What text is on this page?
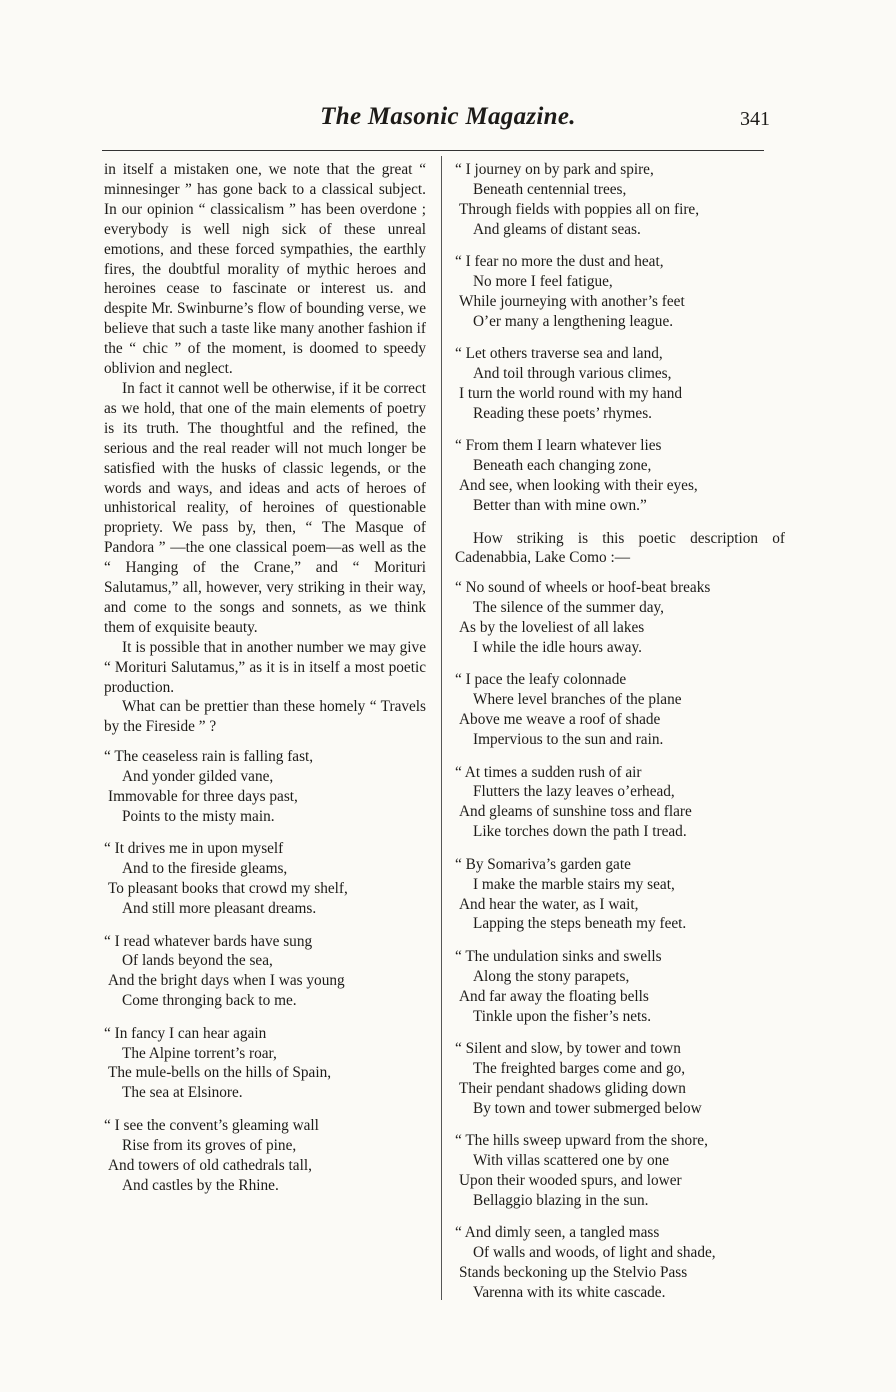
The Masonic Magazine.	341

in itself a mistaken one, we note that the great “ minnesinger ” has gone back to a classical subject. In our opinion “ classicalism ” has been overdone ; everybody is well nigh sick of these unreal emotions, and these forced sympathies, the earthly fires, the doubtful morality of mythic heroes and heroines cease to fascinate or interest us. and despite Mr. Swinburne’s flow of bounding verse, we believe that such a taste like many another fashion if the “ chic ” of the moment, is doomed to speedy oblivion and neglect.

In fact it cannot well be otherwise, if it be correct as we hold, that one of the main elements of poetry is its truth. The thoughtful and the refined, the serious and the real reader will not much longer be satisfied with the husks of classic legends, or the words and ways, and ideas and acts of heroes of unhistorical reality, of heroines of questionable propriety. We pass by, then, “ The Masque of Pandora ” —the one classical poem—as well as the “ Hanging of the Crane,” and “ Morituri Salutamus,” all, however, very striking in their way, and come to the songs and sonnets, as we think them of exquisite beauty.

It is possible that in another number we may give “ Morituri Salutamus,” as it is in itself a most poetic production.

What can be prettier than these homely “ Travels by the Fireside ” ?

“ The ceaseless rain is falling fast,
And yonder gilded vane,
Immovable for three days past,
Points to the misty main.
“ It drives me in upon myself
And to the fireside gleams,
To pleasant books that crowd my shelf,
And still more pleasant dreams.
“ I read whatever bards have sung
Of lands beyond the sea,
And the bright days when I was young
Come thronging back to me.
“ In fancy I can hear again
The Alpine torrent’s roar,
The mule-bells on the hills of Spain,
The sea at Elsinore.
“ I see the convent’s gleaming wall
Rise from its groves of pine,
And towers of old cathedrals tall,
And castles by the Rhine.
“ I journey on by park and spire,
Beneath centennial trees,
Through fields with poppies all on fire,
And gleams of distant seas.
“ I fear no more the dust and heat,
No more I feel fatigue,
While journeying with another’s feet
O’er many a lengthening league.
“ Let others traverse sea and land,
And toil through various climes,
I turn the world round with my hand
Reading these poets’ rhymes.
“ From them I learn whatever lies
Beneath each changing zone,
And see, when looking with their eyes,
Better than with mine own.”

How striking is this poetic description of Cadenabbia, Lake Como :—

“ No sound of wheels or hoof-beat breaks
The silence of the summer day,
As by the loveliest of all lakes
I while the idle hours away.
“ I pace the leafy colonnade
Where level branches of the plane
Above me weave a roof of shade
Impervious to the sun and rain.
“ At times a sudden rush of air
Flutters the lazy leaves o’erhead,
And gleams of sunshine toss and flare
Like torches down the path I tread.
“ By Somariva’s garden gate
I make the marble stairs my seat,
And hear the water, as I wait,
Lapping the steps beneath my feet.
“ The undulation sinks and swells
Along the stony parapets,
And far away the floating bells
Tinkle upon the fisher’s nets.
“ Silent and slow, by tower and town
The freighted barges come and go,
Their pendant shadows gliding down
By town and tower submerged below
“ The hills sweep upward from the shore,
With villas scattered one by one
Upon their wooded spurs, and lower
Bellaggio blazing in the sun.
“ And dimly seen, a tangled mass
Of walls and woods, of light and shade,
Stands beckoning up the Stelvio Pass
Varenna with its white cascade.
